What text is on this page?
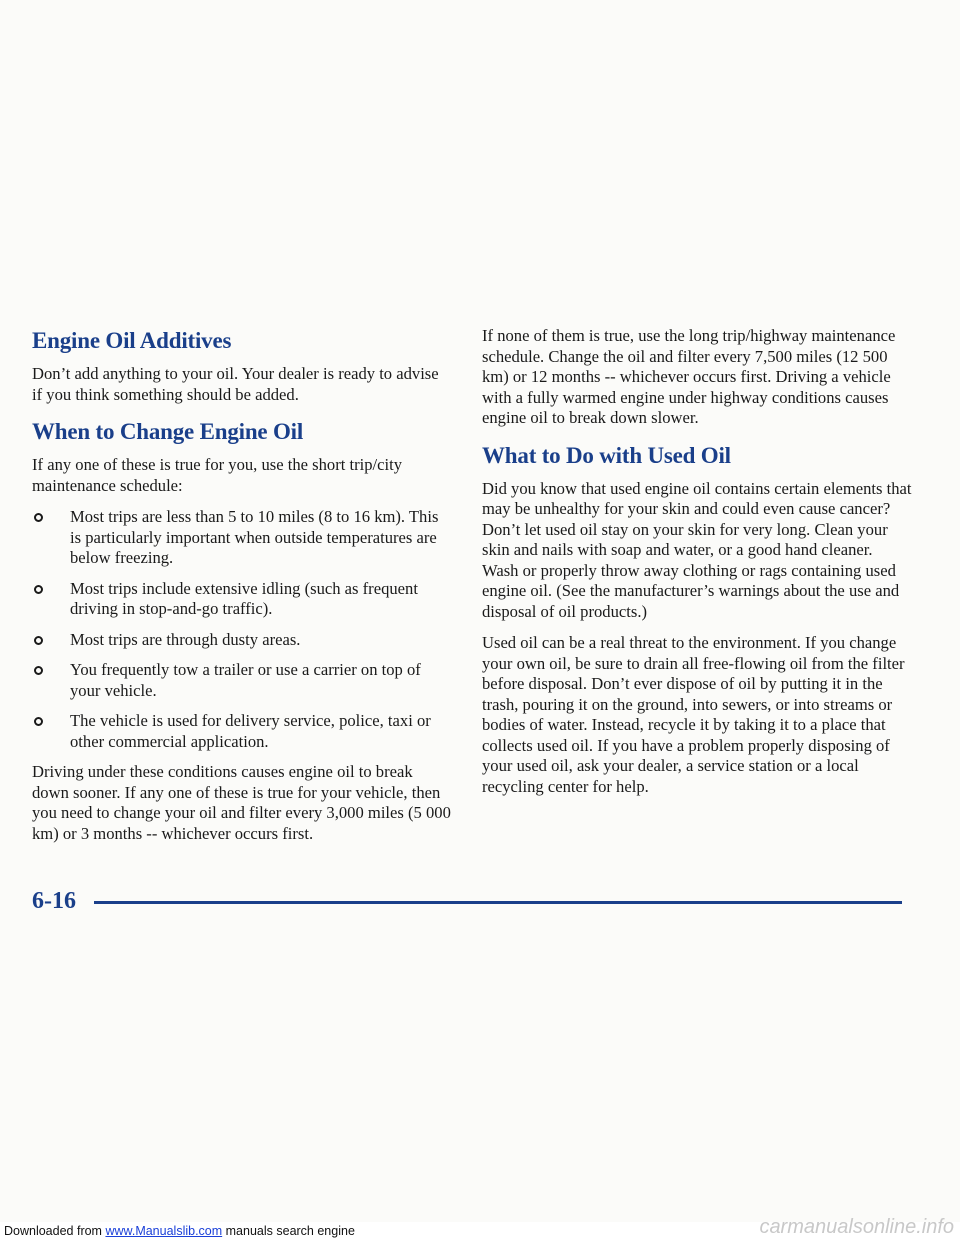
Engine Oil Additives

Don’t add anything to your oil. Your dealer is ready to advise if you think something should be added.

When to Change Engine Oil

If any one of these is true for you, use the short trip/city maintenance schedule:

Most trips are less than 5 to 10 miles (8 to 16 km). This is particularly important when outside temperatures are below freezing.
Most trips include extensive idling (such as frequent driving in stop-and-go traffic).
Most trips are through dusty areas.
You frequently tow a trailer or use a carrier on top of your vehicle.
The vehicle is used for delivery service, police, taxi or other commercial application.

Driving under these conditions causes engine oil to break down sooner. If any one of these is true for your vehicle, then you need to change your oil and filter every 3,000 miles (5 000 km) or 3 months -- whichever occurs first.

If none of them is true, use the long trip/highway maintenance schedule. Change the oil and filter every 7,500 miles (12 500 km) or 12 months -- whichever occurs first. Driving a vehicle with a fully warmed engine under highway conditions causes engine oil to break down slower.

What to Do with Used Oil

Did you know that used engine oil contains certain elements that may be unhealthy for your skin and could even cause cancer? Don’t let used oil stay on your skin for very long. Clean your skin and nails with soap and water, or a good hand cleaner. Wash or properly throw away clothing or rags containing used engine oil. (See the manufacturer’s warnings about the use and disposal of oil products.)

Used oil can be a real threat to the environment. If you change your own oil, be sure to drain all free-flowing oil from the filter before disposal. Don’t ever dispose of oil by putting it in the trash, pouring it on the ground, into sewers, or into streams or bodies of water. Instead, recycle it by taking it to a place that collects used oil. If you have a problem properly disposing of your used oil, ask your dealer, a service station or a local recycling center for help.

6-16
Downloaded from www.Manualslib.com manuals search engine	carmanualsonline.info
